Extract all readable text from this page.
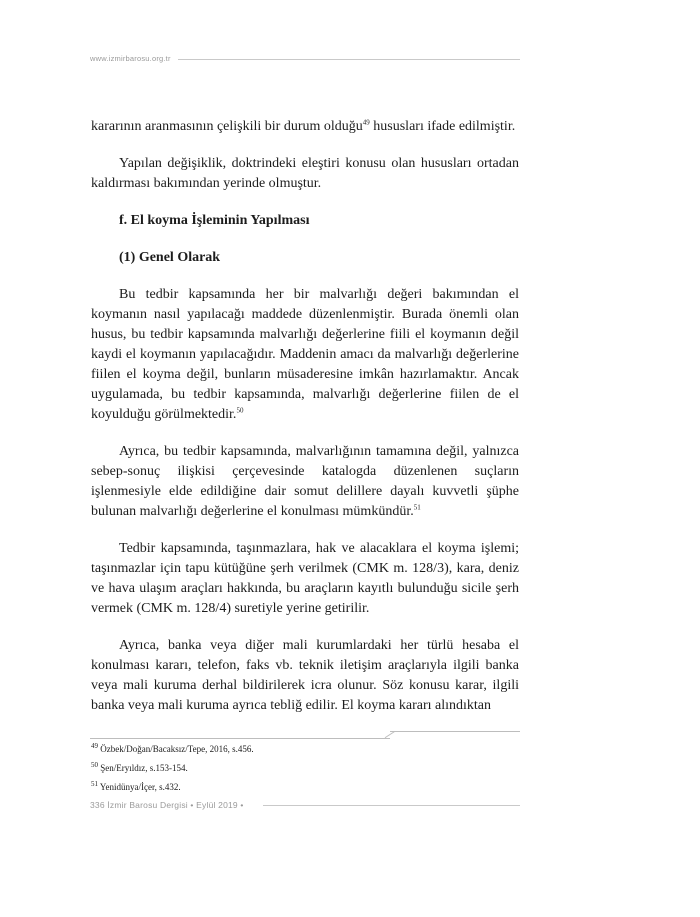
www.izmirbarosu.org.tr

kararının aranmasının çelişkili bir durum olduğu$^{49}$ hususları ifade edilmiştir.

Yapılan değişiklik, doktrindeki eleştiri konusu olan hususları ortadan kaldırması bakımından yerinde olmuştur.

f. El koyma İşleminin Yapılması
(1) Genel Olarak

Bu tedbir kapsamında her bir malvarlığı değeri bakımından el koymanın nasıl yapılacağı maddede düzenlenmiştir. Burada önemli olan husus, bu tedbir kapsamında malvarlığı değerlerine fiili el koymanın değil kaydi el koymanın yapılacağıdır. Maddenin amacı da malvarlığı değerlerine fiilen el koyma değil, bunların müsaderesine imkân hazırlamaktır. Ancak uygulamada, bu tedbir kapsamında, malvarlığı değerlerine fiilen de el koyulduğu görülmektedir.$^{50}$

Ayrıca, bu tedbir kapsamında, malvarlığının tamamına değil, yalnızca sebep-sonuç ilişkisi çerçevesinde katalogda düzenlenen suçların işlenmesiyle elde edildiğine dair somut delillere dayalı kuvvetli şüphe bulunan malvarlığı değerlerine el konulması mümkündür.$^{51}$

Tedbir kapsamında, taşınmazlara, hak ve alacaklara el koyma işlemi; taşınmazlar için tapu kütüğüne şerh verilmek (CMK m. 128/3), kara, deniz ve hava ulaşım araçları hakkında, bu araçların kayıtlı bulunduğu sicile şerh vermek (CMK m. 128/4) suretiyle yerine getirilir.

Ayrıca, banka veya diğer mali kurumlardaki her türlü hesaba el konulması kararı, telefon, faks vb. teknik iletişim araçlarıyla ilgili banka veya mali kuruma derhal bildirilerek icra olunur. Söz konusu karar, ilgili banka veya mali kuruma ayrıca tebliğ edilir. El koyma kararı alındıktan

$^{49}$ Özbek/Doğan/Bacaksız/Tepe, 2016, s.456.
$^{50}$ Şen/Eryıldız, s.153-154.
$^{51}$ Yenidünya/İçer, s.432.
336 İzmir Barosu Dergisi • Eylül 2019 •
